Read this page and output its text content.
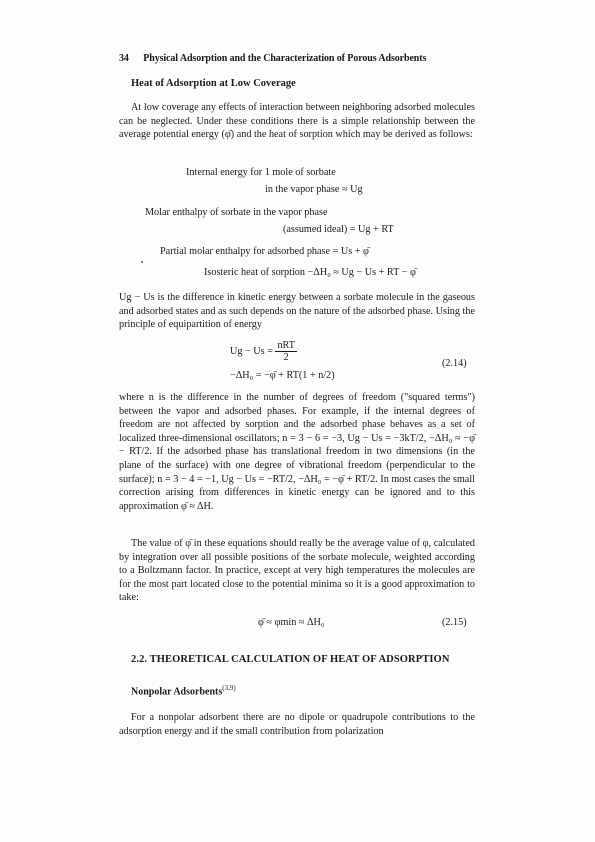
34 Physical Adsorption and the Characterization of Porous Adsorbents
Heat of Adsorption at Low Coverage
At low coverage any effects of interaction between neighboring adsorbed molecules can be neglected. Under these conditions there is a simple relationship between the average potential energy (φ̄) and the heat of sorption which may be derived as follows:
Internal energy for 1 mole of sorbate
in the vapor phase ≈ Ug
Molar enthalpy of sorbate in the vapor phase
(assumed ideal) = Ug + RT
Partial molar enthalpy for adsorbed phase = Us + φ̄
Isosteric heat of sorption −ΔH₀ ≈ Ug − Us + RT − φ̄
Ug − Us is the difference in kinetic energy between a sorbate molecule in the gaseous and adsorbed states and as such depends on the nature of the adsorbed phase. Using the principle of equipartition of energy
$Ug - Us = \frac{\text{nRT}}{2}$
−ΔH₀ = −φ̄ + RT(1 + n/2)
(2.14)
where n is the difference in the number of degrees of freedom ("squared terms") between the vapor and adsorbed phases. For example, if the internal degrees of freedom are not affected by sorption and the adsorbed phase behaves as a set of localized three-dimensional oscillators; n = 3 − 6 = −3, Ug − Us = −3kT/2, −ΔH₀ ≈ −φ̄ − RT/2. If the adsorbed phase has translational freedom in two dimensions (in the plane of the surface) with one degree of vibrational freedom (perpendicular to the surface); n = 3 − 4 = −1, Ug − Us = −RT/2, −ΔH₀ = −φ̄ + RT/2. In most cases the small correction arising from differences in kinetic energy can be ignored and to this approximation φ̄ ≈ ΔH.
The value of φ̄ in these equations should really be the average value of φ, calculated by integration over all possible positions of the sorbate molecule, weighted according to a Boltzmann factor. In practice, except at very high temperatures the molecules are for the most part located close to the potential minima so it is a good approximation to take:
φ̄ ≈ φmin ≈ ΔH₀	(2.15)
2.2. THEORETICAL CALCULATION OF HEAT OF ADSORPTION
Nonpolar Adsorbents$^{(3,9)}$
For a nonpolar adsorbent there are no dipole or quadrupole contributions to the adsorption energy and if the small contribution from polarization
